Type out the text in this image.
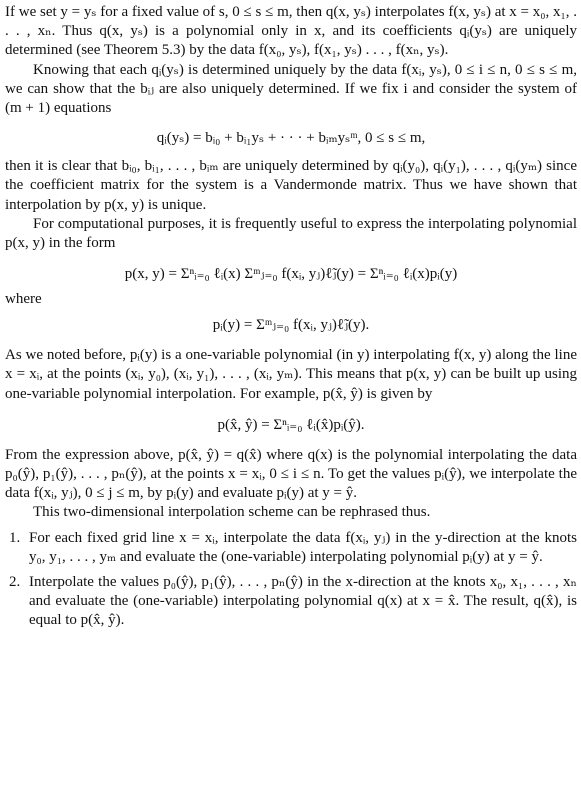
If we set y = yₛ for a fixed value of s, 0 ≤ s ≤ m, then q(x, yₛ) interpolates f(x, yₛ) at x = x₀, x₁, . . . , xₙ. Thus q(x, yₛ) is a polynomial only in x, and its coefficients qᵢ(yₛ) are uniquely determined (see Theorem 5.3) by the data f(x₀, yₛ), f(x₁, yₛ) . . . , f(xₙ, yₛ).

Knowing that each qᵢ(yₛ) is determined uniquely by the data f(xᵢ, yₛ), 0 ≤ i ≤ n, 0 ≤ s ≤ m, we can show that the bᵢⱼ are also uniquely determined. If we fix i and consider the system of (m + 1) equations

qᵢ(yₛ) = bᵢ₀ + bᵢ₁yₛ + · · · + bᵢₘyₛᵐ, 0 ≤ s ≤ m,

then it is clear that bᵢ₀, bᵢ₁, . . . , bᵢₘ are uniquely determined by qᵢ(y₀), qᵢ(y₁), . . . , qᵢ(yₘ) since the coefficient matrix for the system is a Vandermonde matrix. Thus we have shown that interpolation by p(x, y) is unique.

For computational purposes, it is frequently useful to express the interpolating polynomial p(x, y) in the form

p(x, y) = Σⁿᵢ₌₀ ℓᵢ(x) Σᵐⱼ₌₀ f(xᵢ, yⱼ)ℓ̃ⱼ(y) = Σⁿᵢ₌₀ ℓᵢ(x)pᵢ(y)

where

pᵢ(y) = Σᵐⱼ₌₀ f(xᵢ, yⱼ)ℓ̃ⱼ(y).

As we noted before, pᵢ(y) is a one-variable polynomial (in y) interpolating f(x, y) along the line x = xᵢ, at the points (xᵢ, y₀), (xᵢ, y₁), . . . , (xᵢ, yₘ). This means that p(x, y) can be built up using one-variable polynomial interpolation. For example, p(x̂, ŷ) is given by

p(x̂, ŷ) = Σⁿᵢ₌₀ ℓᵢ(x̂)pᵢ(ŷ).

From the expression above, p(x̂, ŷ) = q(x̂) where q(x) is the polynomial interpolating the data p₀(ŷ), p₁(ŷ), . . . , pₙ(ŷ), at the points x = xᵢ, 0 ≤ i ≤ n. To get the values pᵢ(ŷ), we interpolate the data f(xᵢ, yⱼ), 0 ≤ j ≤ m, by pᵢ(y) and evaluate pᵢ(y) at y = ŷ.

This two-dimensional interpolation scheme can be rephrased thus.

1. For each fixed grid line x = xᵢ, interpolate the data f(xᵢ, yⱼ) in the y-direction at the knots y₀, y₁, . . . , yₘ and evaluate the (one-variable) interpolating polynomial pᵢ(y) at y = ŷ.
2. Interpolate the values p₀(ŷ), p₁(ŷ), . . . , pₙ(ŷ) in the x-direction at the knots x₀, x₁, . . . , xₙ and evaluate the (one-variable) interpolating polynomial q(x) at x = x̂. The result, q(x̂), is equal to p(x̂, ŷ).
